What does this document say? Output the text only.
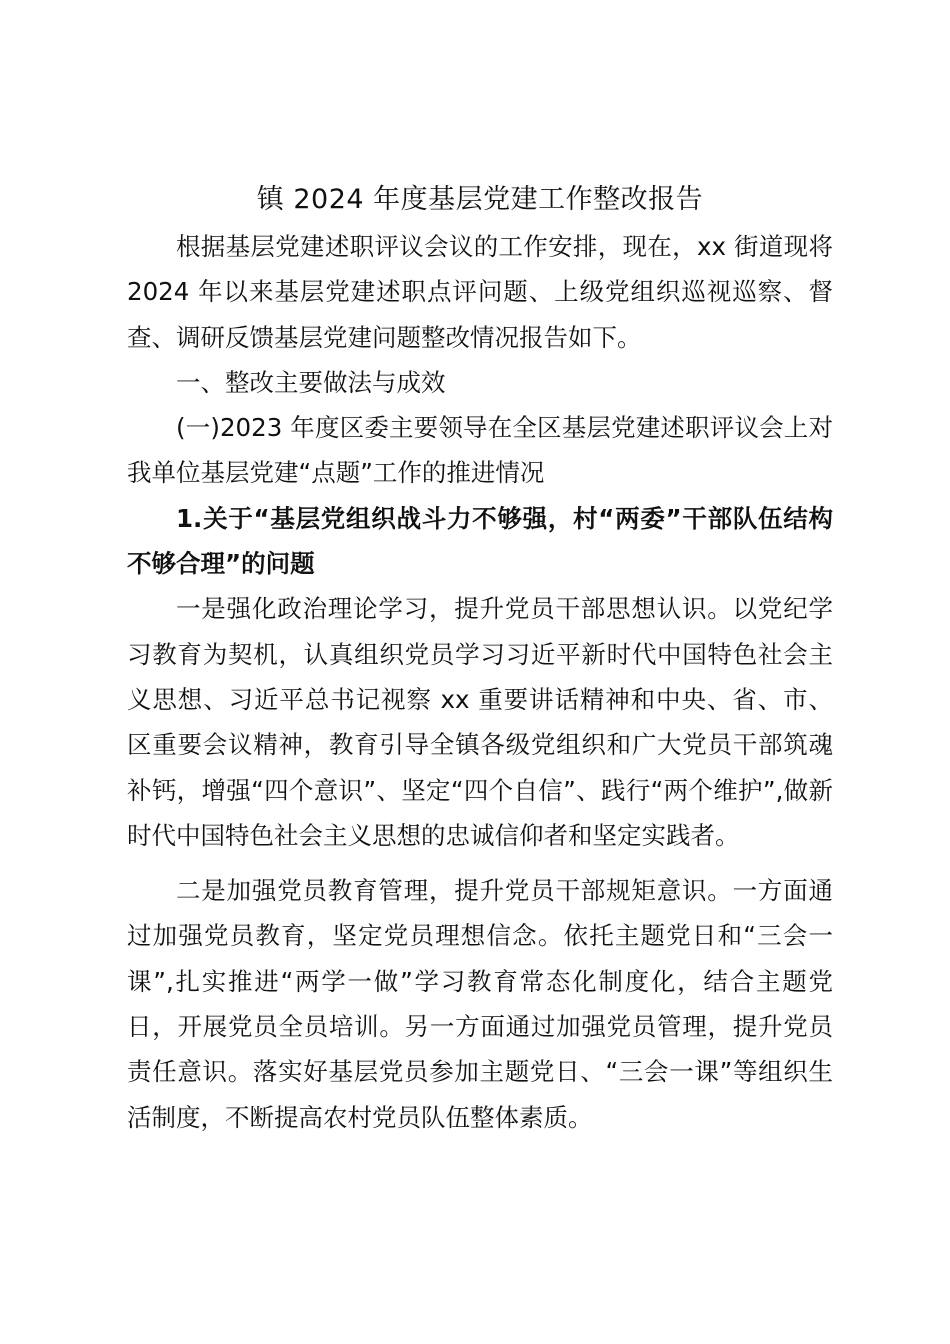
镇 2024 年度基层党建工作整改报告

根据基层党建述职评议会议的工作安排，现在，xx 街道现将 2024 年以来基层党建述职点评问题、上级党组织巡视巡察、督查、调研反馈基层党建问题整改情况报告如下。

一、整改主要做法与成效

(一)2023 年度区委主要领导在全区基层党建述职评议会上对我单位基层党建“点题”工作的推进情况

1.关于“基层党组织战斗力不够强，村“两委”干部队伍结构不够合理”的问题

一是强化政治理论学习，提升党员干部思想认识。以党纪学习教育为契机，认真组织党员学习习近平新时代中国特色社会主义思想、习近平总书记视察 xx 重要讲话精神和中央、省、市、区重要会议精神，教育引导全镇各级党组织和广大党员干部筑魂补钙，增强“四个意识”、坚定“四个自信”、践行“两个维护”,做新时代中国特色社会主义思想的忠诚信仰者和坚定实践者。

二是加强党员教育管理，提升党员干部规矩意识。一方面通过加强党员教育，坚定党员理想信念。依托主题党日和“三会一课”,扎实推进“两学一做”学习教育常态化制度化，结合主题党日，开展党员全员培训。另一方面通过加强党员管理，提升党员责任意识。落实好基层党员参加主题党日、“三会一课”等组织生活制度，不断提高农村党员队伍整体素质。
